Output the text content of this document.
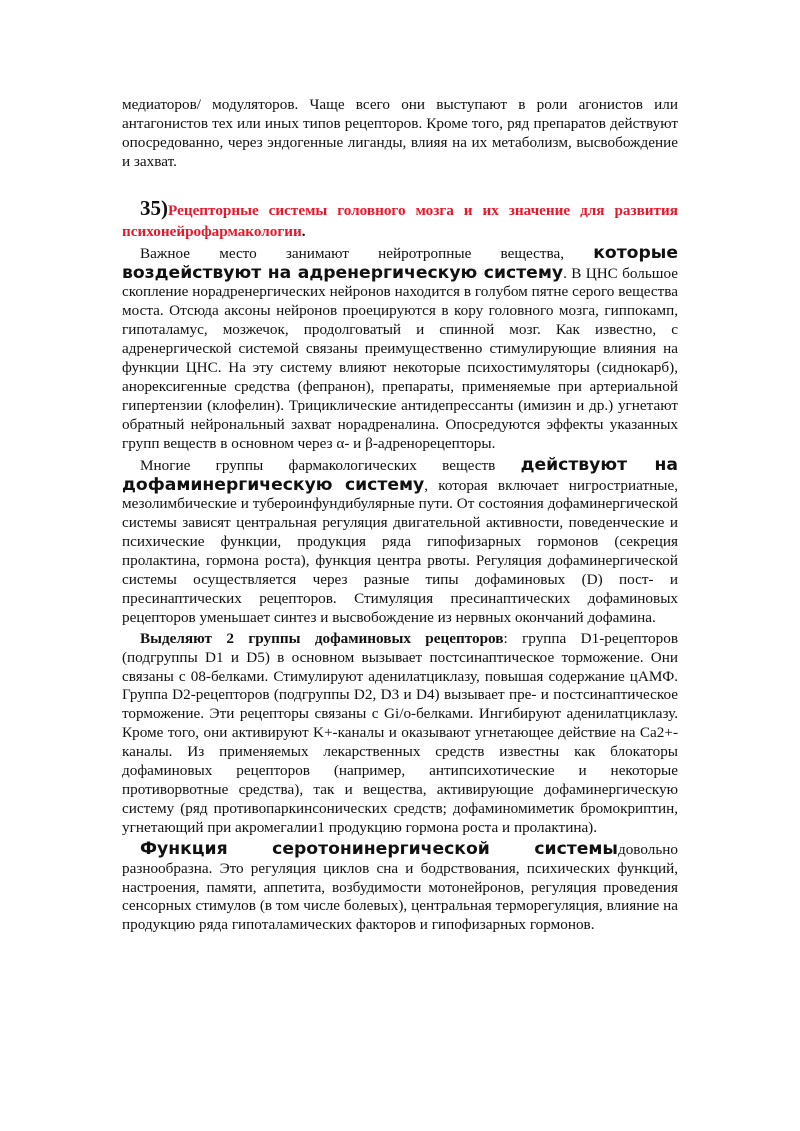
медиаторов/ модуляторов. Чаще всего они выступают в роли агонистов или антагонистов тех или иных типов рецепторов. Кроме того, ряд препаратов действуют опосредованно, через эндогенные лиганды, влияя на их метаболизм, высвобождение и захват.

35)Рецепторные системы головного мозга и их значение для развития психонейрофармакологии.

Важное место занимают нейротропные вещества, которые воздействуют на адренергическую систему. В ЦНС большое скопление норадренергических нейронов находится в голубом пятне серого вещества моста. Отсюда аксоны нейронов проецируются в кору головного мозга, гиппокамп, гипоталамус, мозжечок, продолговатый и спинной мозг. Как известно, с адренергической системой связаны преимущественно стимулирующие влияния на функции ЦНС. На эту систему влияют некоторые психостимуляторы (сиднокарб), анорексигенные средства (фепранон), препараты, применяемые при артериальной гипертензии (клофелин). Трициклические антидепрессанты (имизин и др.) угнетают обратный нейрональный захват норадреналина. Опосредуются эффекты указанных групп веществ в основном через α- и β-адренорецепторы.

Многие группы фармакологических веществ действуют на дофаминергическую систему, которая включает нигростриатные, мезолимбические и тубероинфундибулярные пути. От состояния дофаминергической системы зависят центральная регуляция двигательной активности, поведенческие и психические функции, продукция ряда гипофизарных гормонов (секреция пролактина, гормона роста), функция центра рвоты. Регуляция дофаминергической системы осуществляется через разные типы дофаминовых (D) пост- и пресинаптических рецепторов. Стимуляция пресинаптических дофаминовых рецепторов уменьшает синтез и высвобождение из нервных окончаний дофамина.

Выделяют 2 группы дофаминовых рецепторов: группа D1-рецепторов (подгруппы D1 и D5) в основном вызывает постсинаптическое торможение. Они связаны с 08-белками. Стимулируют аденилатциклазу, повышая содержание цАМФ. Группа D2-рецепторов (подгруппы D2, D3 и D4) вызывает пре- и постсинаптическое торможение. Эти рецепторы связаны с Gi/o-белками. Ингибируют аденилатциклазу. Кроме того, они активируют K+-каналы и оказывают угнетающее действие на Ca2+-каналы. Из применяемых лекарственных средств известны как блокаторы дофаминовых рецепторов (например, антипсихотические и некоторые противорвотные средства), так и вещества, активирующие дофаминергическую систему (ряд противопаркинсонических средств; дофаминомиметик бромокриптин, угнетающий при акромегалии1 продукцию гормона роста и пролактина).

Функция серотонинергической системыдовольно разнообразна. Это регуляция циклов сна и бодрствования, психических функций, настроения, памяти, аппетита, возбудимости мотонейронов, регуляция проведения сенсорных стимулов (в том числе болевых), центральная терморегуляция, влияние на продукцию ряда гипоталамических факторов и гипофизарных гормонов.
